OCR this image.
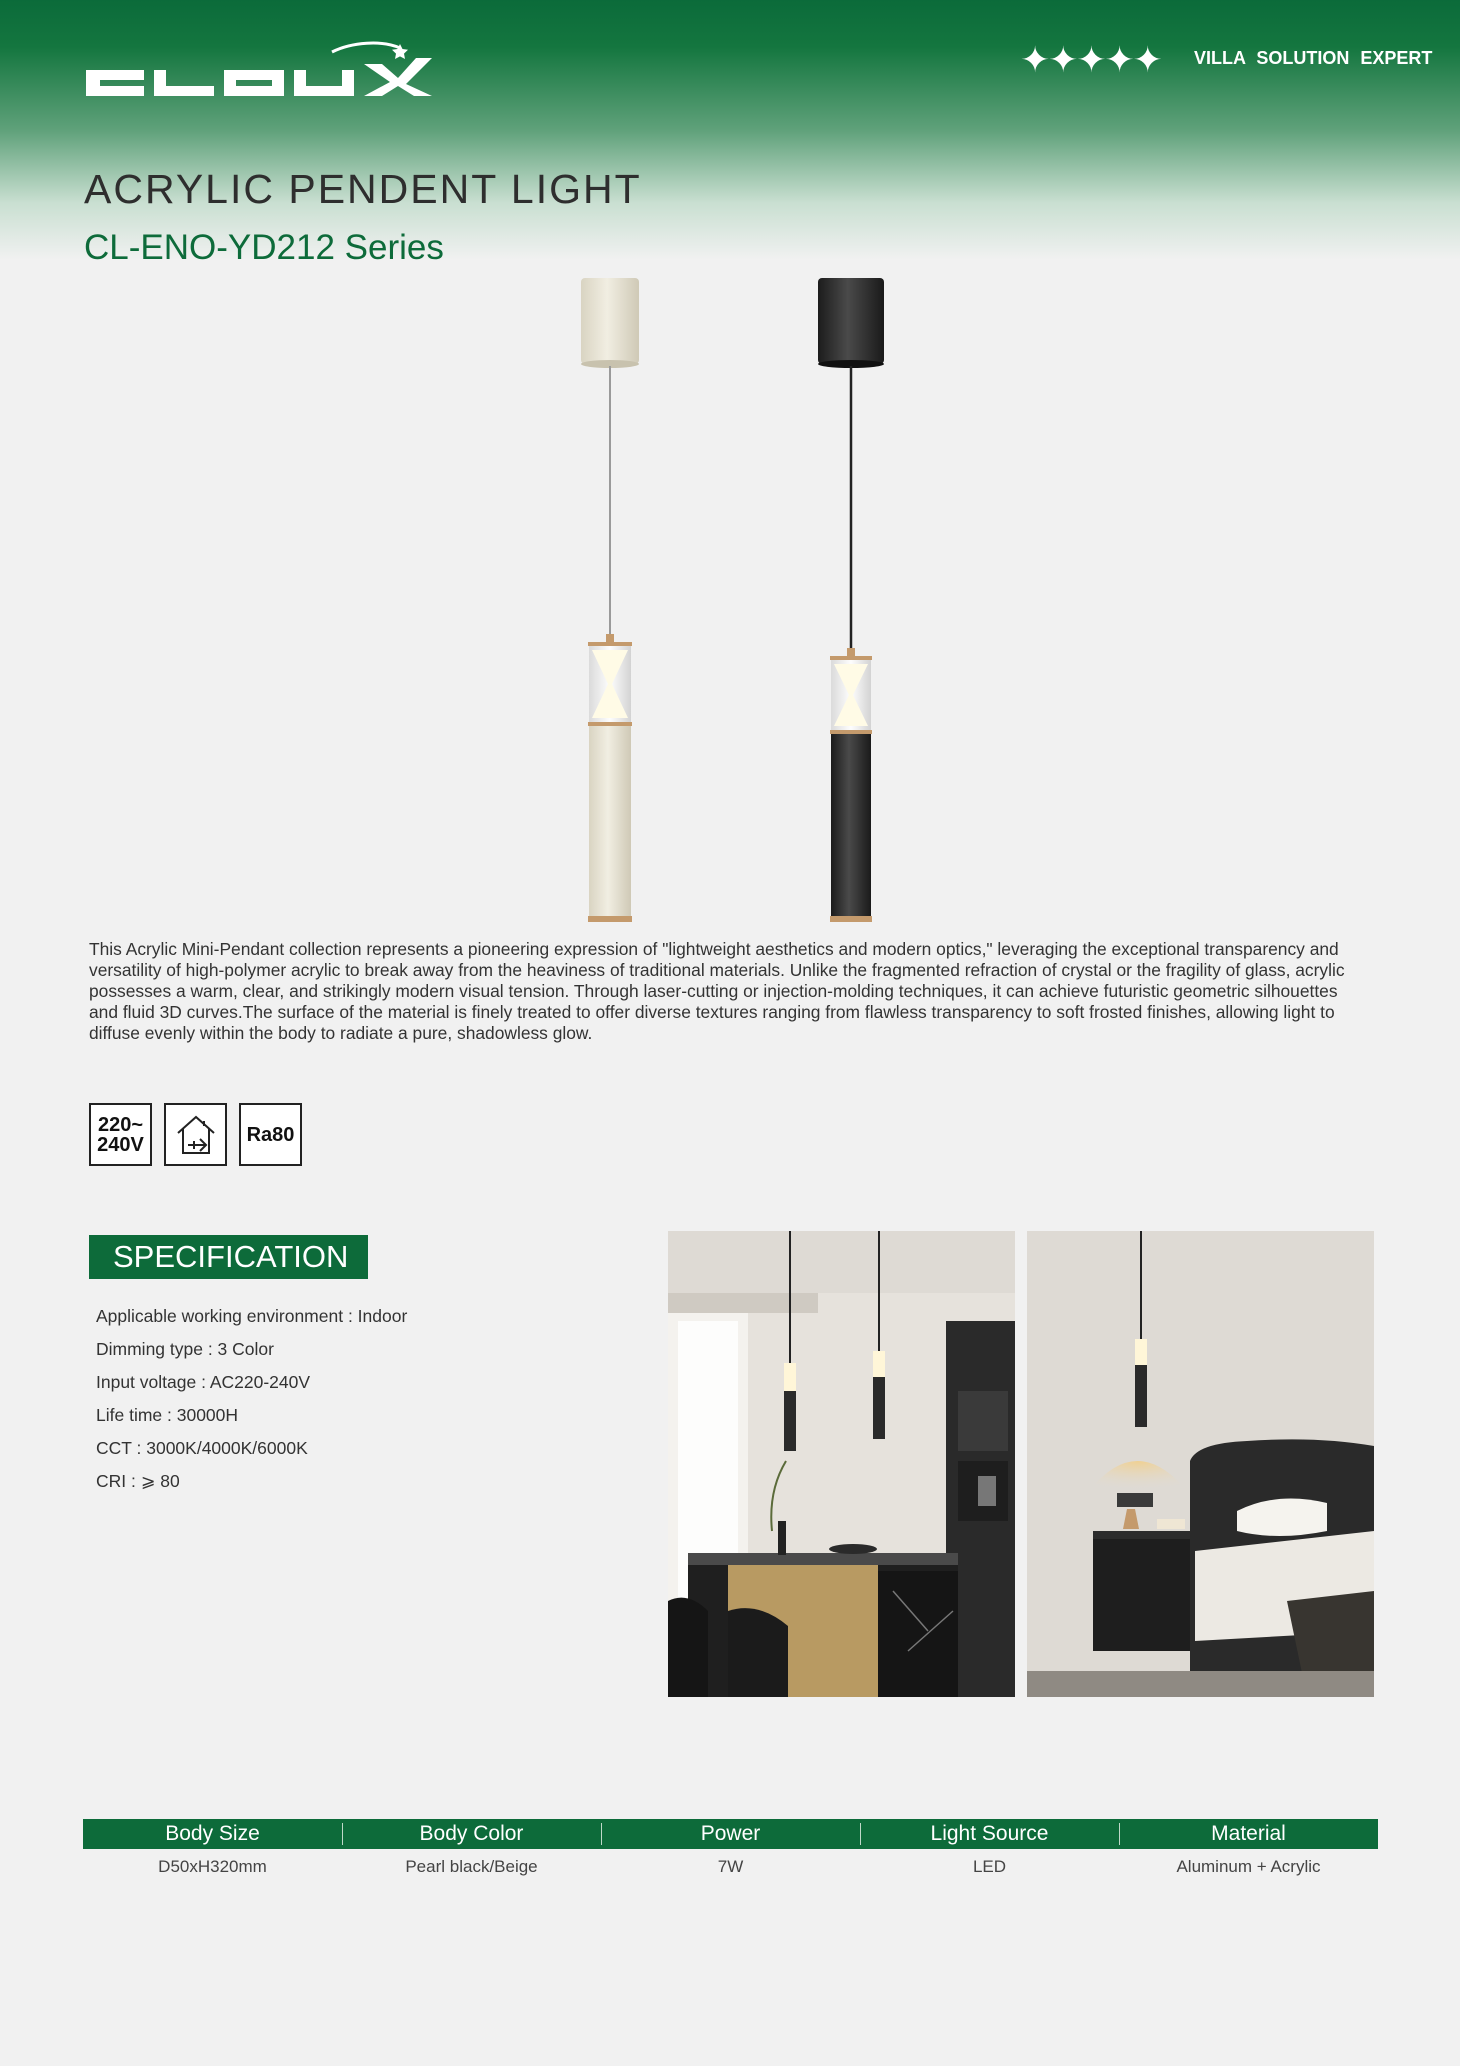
✦✦✦✦✦ VILLA SOLUTION EXPERT
ACRYLIC PENDENT LIGHT
CL-ENO-YD212 Series

This Acrylic Mini-Pendant collection represents a pioneering expression of "lightweight aesthetics and modern optics," leveraging the exceptional transparency and versatility of high-polymer acrylic to break away from the heaviness of traditional materials. Unlike the fragmented refraction of crystal or the fragility of glass, acrylic possesses a warm, clear, and strikingly modern visual tension. Through laser-cutting or injection-molding techniques, it can achieve futuristic geometric silhouettes and fluid 3D curves.The surface of the material is finely treated to offer diverse textures ranging from flawless transparency to soft frosted finishes, allowing light to diffuse evenly within the body to radiate a pure, shadowless glow.

220~
240V	Ra80
SPECIFICATION
Applicable working environment : Indoor
Dimming type : 3 Color
Input voltage : AC220-240V
Life time : 30000H
CCT : 3000K/4000K/6000K
CRI : ⩾ 80
Body Size	Body Color	Power	Light Source	Material
D50xH320mm	Pearl black/Beige	7W	LED	Aluminum + Acrylic
